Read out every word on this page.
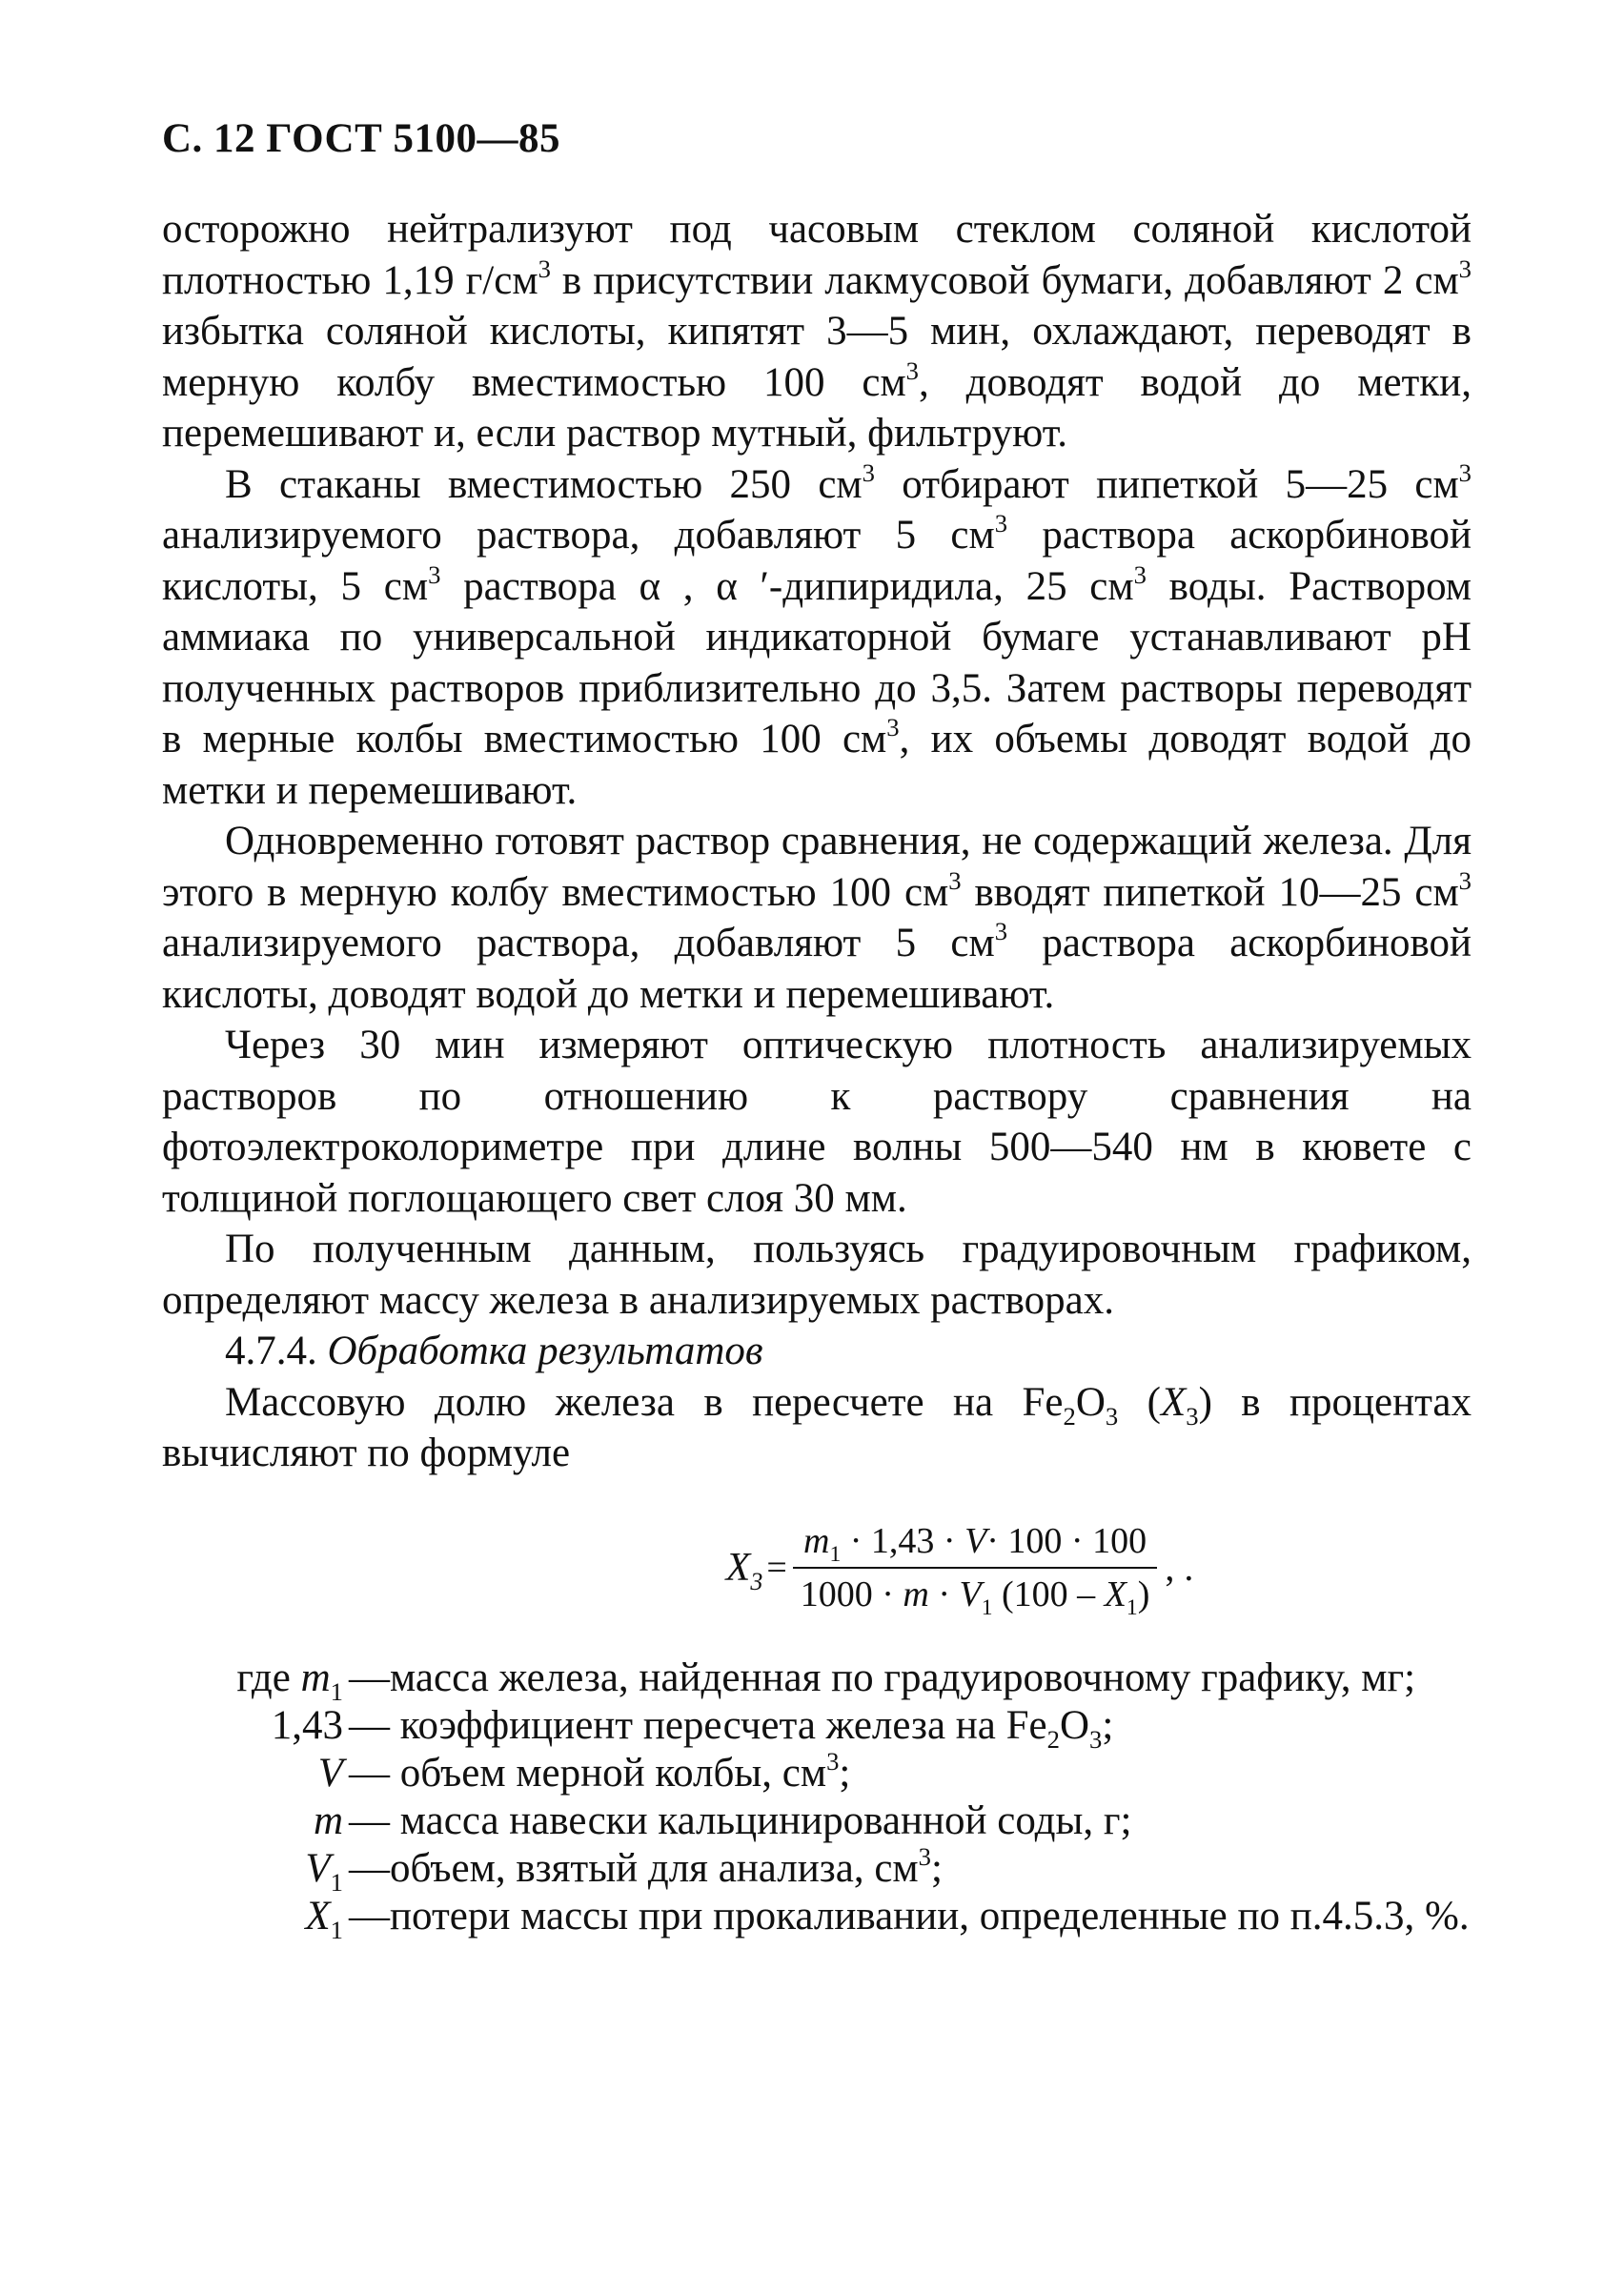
С. 12 ГОСТ 5100—85

осторожно нейтрализуют под часовым стеклом соляной кислотой плотностью 1,19 $г/см^3$ в присутствии лакмусовой бумаги, добавляют 2 $см^3$ избытка соляной кислоты, кипятят 3—5 мин, охлаждают, переводят в мерную колбу вместимостью 100 $см^3$, доводят водой до метки, перемешивают и, если раствор мутный, фильтруют.

В стаканы вместимостью 250 $см^3$ отбирают пипеткой 5—25 $см^3$ анализируемого раствора, добавляют 5 $см^3$ раствора аскорбиновой кислоты, 5 $см^3$ раствора α , α ′-дипиридила, 25 $см^3$ воды. Раствором аммиака по универсальной индикаторной бумаге устанавливают pH полученных растворов приблизительно до 3,5. Затем растворы переводят в мерные колбы вместимостью 100 $см^3$, их объемы доводят водой до метки и перемешивают.

Одновременно готовят раствор сравнения, не содержащий железа. Для этого в мерную колбу вместимостью 100 $см^3$ вводят пипеткой 10—25 $см^3$ анализируемого раствора, добавляют 5 $см^3$ раствора аскорбиновой кислоты, доводят водой до метки и перемешивают.

Через 30 мин измеряют оптическую плотность анализируемых растворов по отношению к раствору сравнения на фотоэлектроколориметре при длине волны 500—540 нм в кювете с толщиной поглощающего свет слоя 30 мм.

По полученным данным, пользуясь градуировочным графиком, определяют массу железа в анализируемых растворах.

4.7.4. Обработка результатов

Массовую долю железа в пересчете на $Fe_2O_3$ $(X_3)$ в процентах вычисляют по формуле

$X_3 = \frac{m_1 \cdot 1,43 \cdot V\cdot 100 \cdot 100}{1000 \cdot m \cdot V_1 (100 - X_1)}$ , .
где $m_1$ —масса железа, найденная по градуировочному графику, мг;
1,43 — коэффициент пересчета железа на $Fe_2O_3$;
V — объем мерной колбы, $см^3$;
m — масса навески кальцинированной соды, г;
$V_1$ —объем, взятый для анализа, $см^3$;
$X_1$ —потери массы при прокаливании, определенные по п.4.5.3, %.
